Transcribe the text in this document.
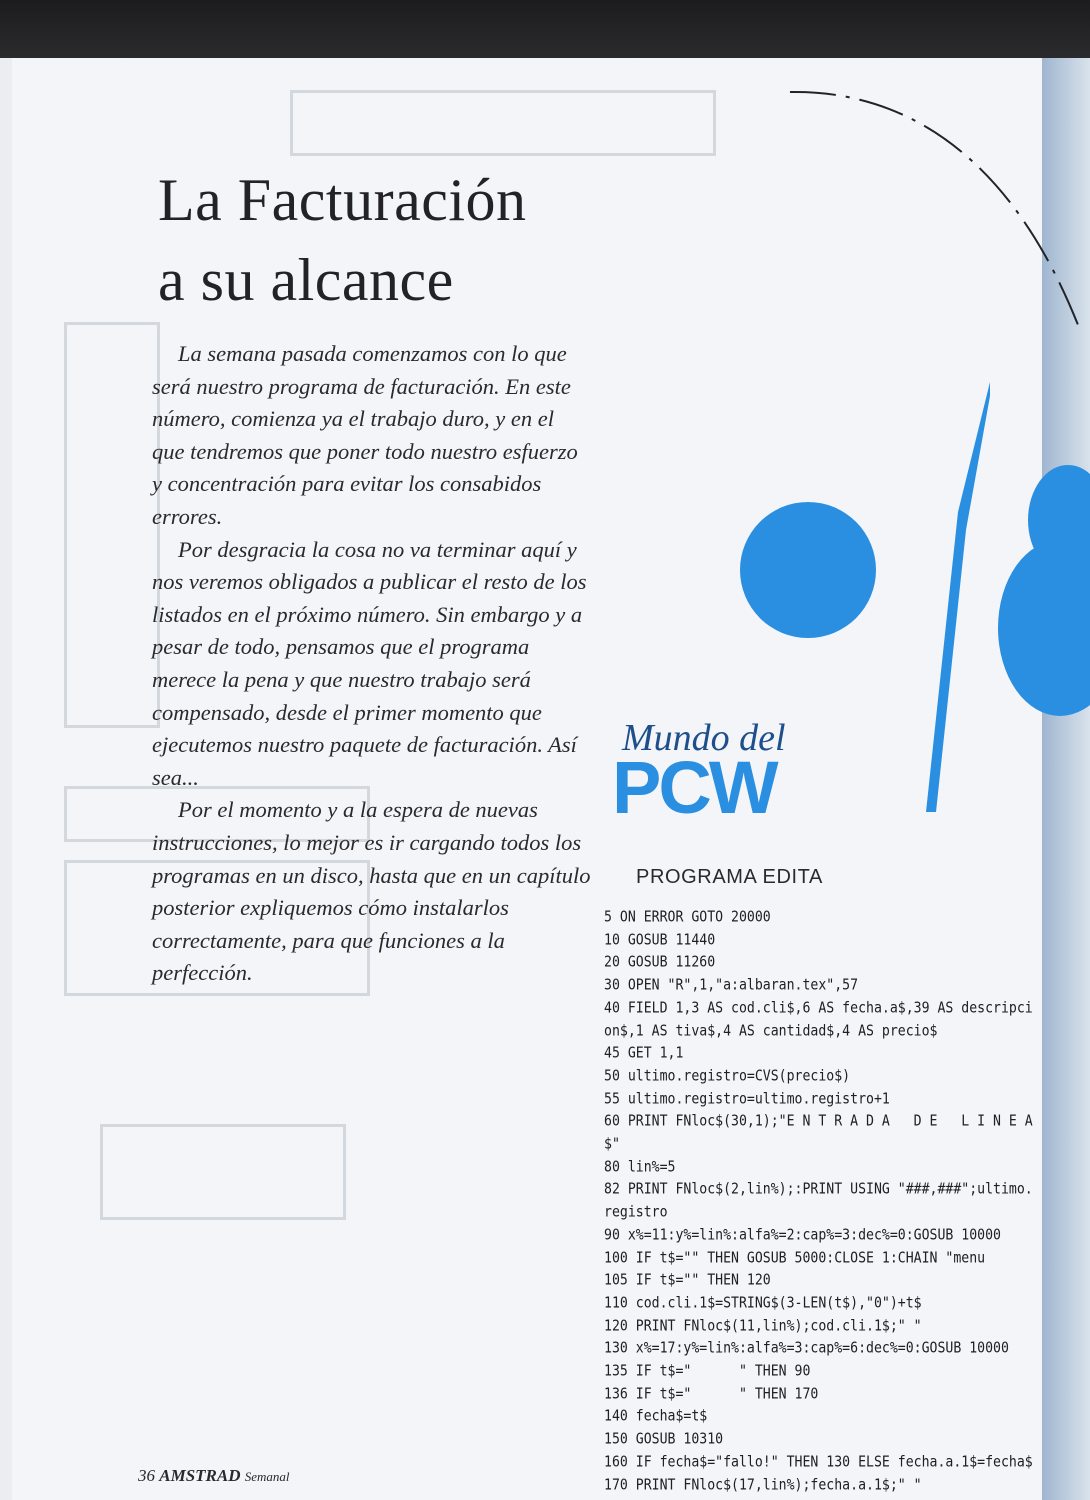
La Facturación
a su alcance

La semana pasada comenzamos con lo que será nuestro programa de facturación. En este número, comienza ya el trabajo duro, y en el que tendremos que poner todo nuestro esfuerzo y concentración para evitar los consabidos errores.

Por desgracia la cosa no va terminar aquí y nos veremos obligados a publicar el resto de los listados en el próximo número. Sin embargo y a pesar de todo, pensamos que el programa merece la pena y que nuestro trabajo será compensado, desde el primer momento que ejecutemos nuestro paquete de facturación. Así sea...

Por el momento y a la espera de nuevas instrucciones, lo mejor es ir cargando todos los programas en un disco, hasta que en un capítulo posterior expliquemos cómo instalarlos correctamente, para que funciones a la perfección.

Mundo del
PCW
PROGRAMA EDITA
5 ON ERROR GOTO 20000
10 GOSUB 11440
20 GOSUB 11260
30 OPEN "R",1,"a:albaran.tex",57
40 FIELD 1,3 AS cod.cli$,6 AS fecha.a$,39 AS descripci
on$,1 AS tiva$,4 AS cantidad$,4 AS precio$
45 GET 1,1
50 ultimo.registro=CVS(precio$)
55 ultimo.registro=ultimo.registro+1
60 PRINT FNloc$(30,1);"E N T R A D A   D E   L I N E A
$"
80 lin%=5
82 PRINT FNloc$(2,lin%);:PRINT USING "###,###";ultimo.
registro
90 x%=11:y%=lin%:alfa%=2:cap%=3:dec%=0:GOSUB 10000
100 IF t$="" THEN GOSUB 5000:CLOSE 1:CHAIN "menu
105 IF t$="" THEN 120
110 cod.cli.1$=STRING$(3-LEN(t$),"0")+t$
120 PRINT FNloc$(11,lin%);cod.cli.1$;" "
130 x%=17:y%=lin%:alfa%=3:cap%=6:dec%=0:GOSUB 10000
135 IF t$="      " THEN 90
136 IF t$="      " THEN 170
140 fecha$=t$
150 GOSUB 10310
160 IF fecha$="fallo!" THEN 130 ELSE fecha.a.1$=fecha$
170 PRINT FNloc$(17,lin%);fecha.a.1$;" "
36 AMSTRAD Semanal
